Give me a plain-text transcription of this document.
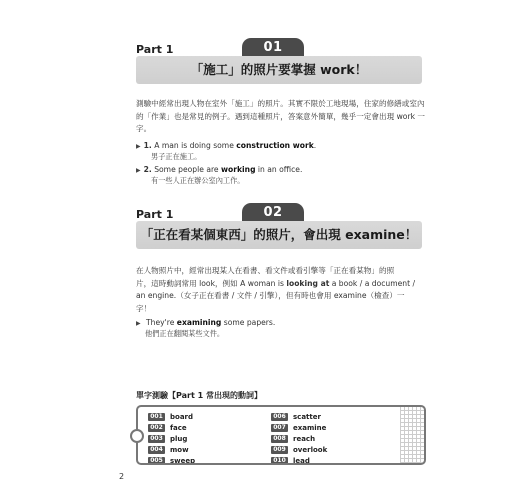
Part 1	01
「施工」的照片要掌握 work！
測驗中經常出現人物在室外「施工」的照片。其實不限於工地現場，住家的修繕或室內的「作業」也是常見的例子。遇到這種照片，答案意外簡單，幾乎一定會出現 work 一字。
▶ 1. A man is doing some construction work.
男子正在施工。
▶ 2. Some people are working in an office.
有一些人正在辦公室內工作。
Part 1	02
「正在看某個東西」的照片，會出現 examine！
在人物照片中，經常出現某人在看書、看文件或看引擎等「正在看某物」的照
片，這時動詞常用 look，例如 A woman is looking at a book / a document /
an engine.（女子正在看書 / 文件 / 引擎），但有時也會用 examine（檢查）一
字！
▶ They're examining some papers.
他們正在翻閱某些文件。
單字測驗【Part 1 常出現的動詞】
001	board
002	face
003	plug
004	mow
005	sweep
006	scatter
007	examine
008	reach
009	overlook
010	lead
2
